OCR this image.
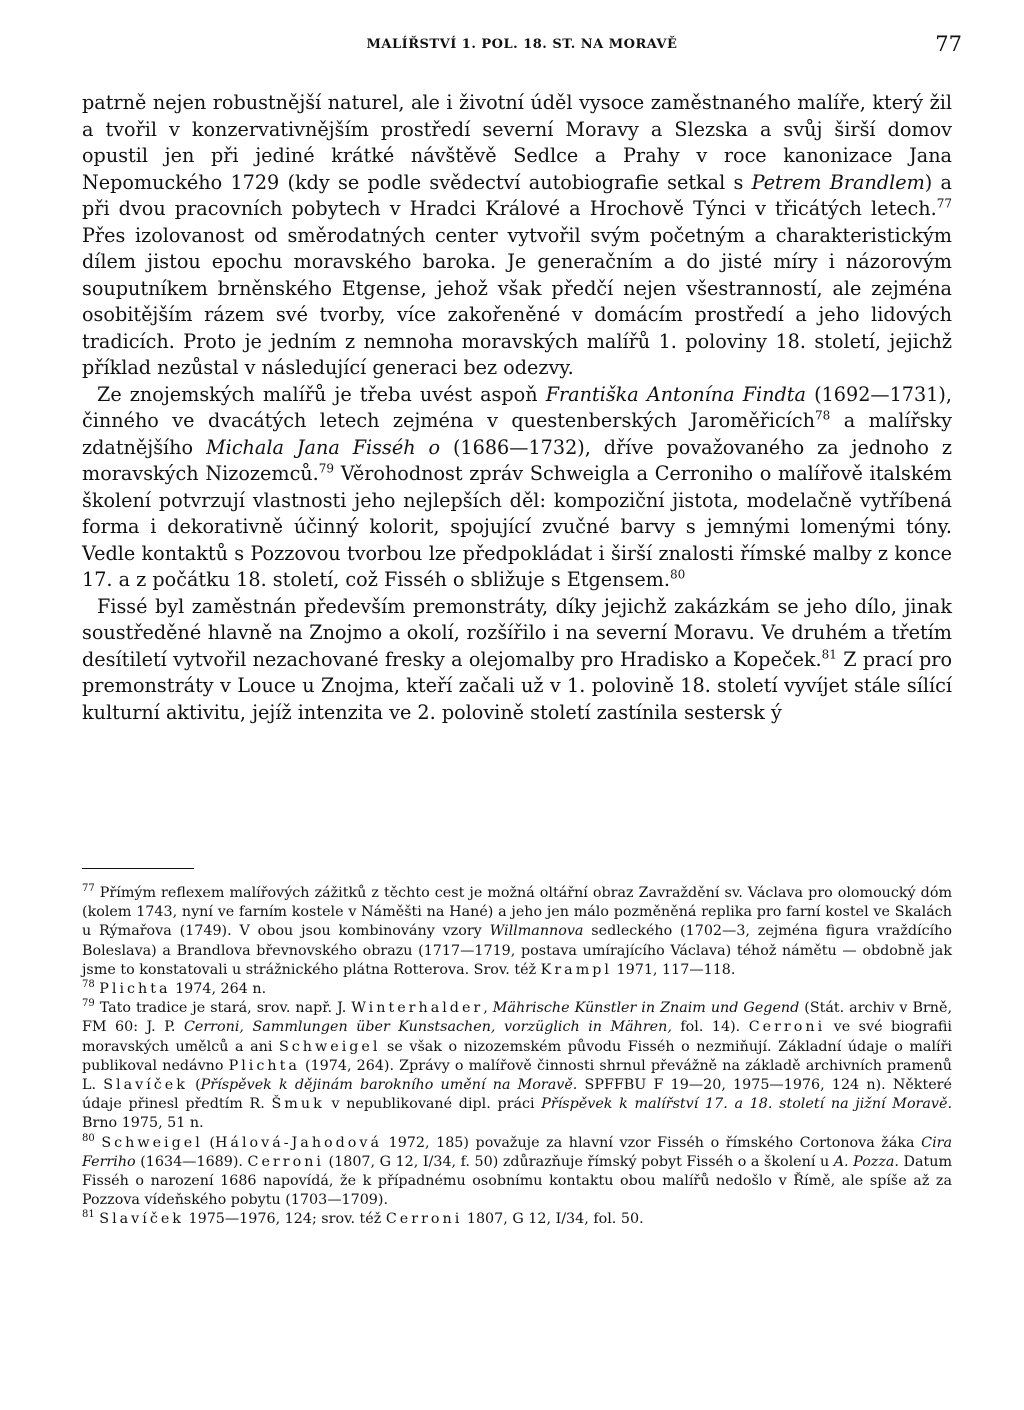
MALÍŘSTVÍ 1. POL. 18. ST. NA MORAVĚ	77

patrně nejen robustnější naturel, ale i životní úděl vysoce zaměstnaného malíře, který žil a tvořil v konzervativnějším prostředí severní Moravy a Slezska a svůj širší domov opustil jen při jediné krátké návštěvě Sedlce a Prahy v roce kanonizace Jana Nepomuckého 1729 (kdy se podle svědectví autobiografie setkal s Petrem Brandlem) a při dvou pracovních pobytech v Hradci Králové a Hrochově Týnci v třicátých letech.$^{77}$ Přes izolovanost od směrodatných center vytvořil svým početným a charakteristickým dílem jistou epochu moravského baroka. Je generačním a do jisté míry i názorovým souputníkem brněnského Etgense, jehož však předčí nejen všestranností, ale zejména osobitějším rázem své tvorby, více zakořeněné v domácím prostředí a jeho lidových tradicích. Proto je jedním z nemnoha moravských malířů 1. poloviny 18. století, jejichž příklad nezůstal v následující generaci bez odezvy.

Ze znojemských malířů je třeba uvést aspoň Františka Antonína Findta (1692—1731), činného ve dvacátých letech zejména v questenberských Jaroměřicích$^{78}$ a malířsky zdatnějšího Michala Jana Fisséh o (1686—1732), dříve považovaného za jednoho z moravských Nizozemců.$^{79}$ Věrohodnost zpráv Schweigla a Cerroniho o malířově italském školení potvrzují vlastnosti jeho nejlepších děl: kompoziční jistota, modelačně vytříbená forma i dekorativně účinný kolorit, spojující zvučné barvy s jemnými lomenými tóny. Vedle kontaktů s Pozzovou tvorbou lze předpokládat i širší znalosti římské malby z konce 17. a z počátku 18. století, což Fisséh o sbližuje s Etgensem.$^{80}$

Fissé byl zaměstnán především premonstráty, díky jejichž zakázkám se jeho dílo, jinak soustředěné hlavně na Znojmo a okolí, rozšířilo i na severní Moravu. Ve druhém a třetím desítiletí vytvořil nezachované fresky a olejomalby pro Hradisko a Kopeček.$^{81}$ Z prací pro premonstráty v Louce u Znojma, kteří začali už v 1. polovině 18. století vyvíjet stále sílící kulturní aktivitu, jejíž intenzita ve 2. polovině století zastínila sestersk ý

$^{77}$ Přímým reflexem malířových zážitků z těchto cest je možná oltářní obraz Zavraždění sv. Václava pro olomoucký dóm (kolem 1743, nyní ve farním kostele v Náměšti na Hané) a jeho jen málo pozměněná replika pro farní kostel ve Skalách u Rýmařova (1749). V obou jsou kombinovány vzory Willmannova sedleckého (1702—3, zejména figura vraždícího Boleslava) a Brandlova břevnovského obrazu (1717—1719, postava umírajícího Václava) téhož námětu — obdobně jak jsme to konstatovali u strážnického plátna Rotterova. Srov. též Krampl 1971, 117—118.

$^{78}$ Plichta 1974, 264 n.

$^{79}$ Tato tradice je stará, srov. např. J. Winterhalder, Mährische Künstler in Znaim und Gegend (Stát. archiv v Brně, FM 60: J. P. Cerroni, Sammlungen über Kunstsachen, vorzüglich in Mähren, fol. 14). Cerroni ve své biografii moravských umělců a ani Schweigel se však o nizozemském původu Fisséh o nezmiňují. Základní údaje o malíři publikoval nedávno Plichta (1974, 264). Zprávy o malířově činnosti shrnul převážně na základě archivních pramenů L. Slavíček (Příspěvek k dějinám barokního umění na Moravě. SPFFBU F 19—20, 1975—1976, 124 n). Některé údaje přinesl předtím R. Šmuk v nepublikované dipl. práci Příspěvek k malířství 17. a 18. století na jižní Moravě. Brno 1975, 51 n.

$^{80}$ Schweigel (Hálová-Jahodová 1972, 185) považuje za hlavní vzor Fisséh o římského Cortonova žáka Cira Ferriho (1634—1689). Cerroni (1807, G 12, I/34, f. 50) zdůrazňuje římský pobyt Fisséh o a školení u A. Pozza. Datum Fisséh o narození 1686 napovídá, že k případnému osobnímu kontaktu obou malířů nedošlo v Římě, ale spíše až za Pozzova vídeňského pobytu (1703—1709).

$^{81}$ Slavíček 1975—1976, 124; srov. též Cerroni 1807, G 12, I/34, fol. 50.
